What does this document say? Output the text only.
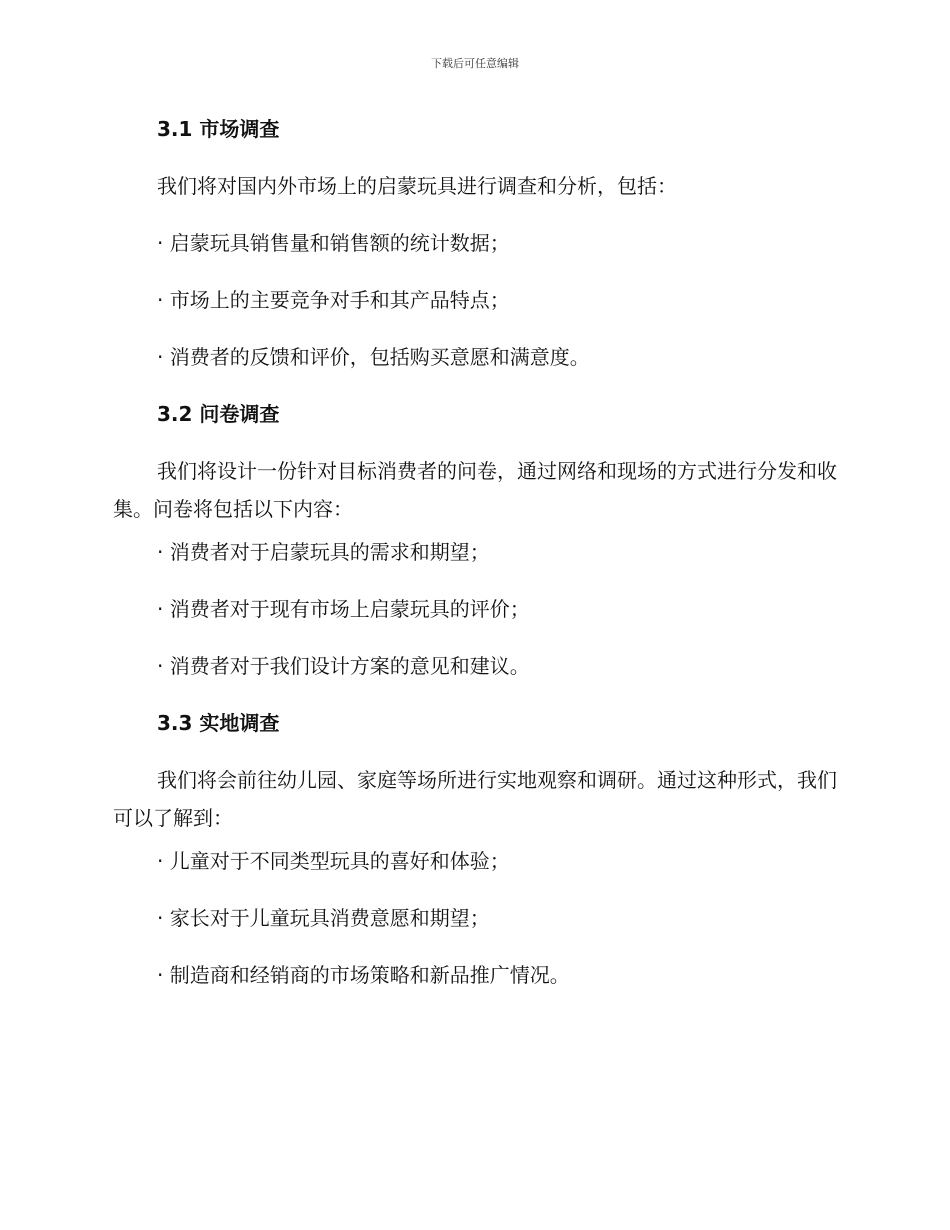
下载后可任意编辑
3.1 市场调查
我们将对国内外市场上的启蒙玩具进行调查和分析，包括：
· 启蒙玩具销售量和销售额的统计数据；
· 市场上的主要竞争对手和其产品特点；
· 消费者的反馈和评价，包括购买意愿和满意度。
3.2 问卷调查
我们将设计一份针对目标消费者的问卷，通过网络和现场的方式进行分发和收集。问卷将包括以下内容：
· 消费者对于启蒙玩具的需求和期望；
· 消费者对于现有市场上启蒙玩具的评价；
· 消费者对于我们设计方案的意见和建议。
3.3 实地调查
我们将会前往幼儿园、家庭等场所进行实地观察和调研。通过这种形式，我们可以了解到：
· 儿童对于不同类型玩具的喜好和体验；
· 家长对于儿童玩具消费意愿和期望；
· 制造商和经销商的市场策略和新品推广情况。
